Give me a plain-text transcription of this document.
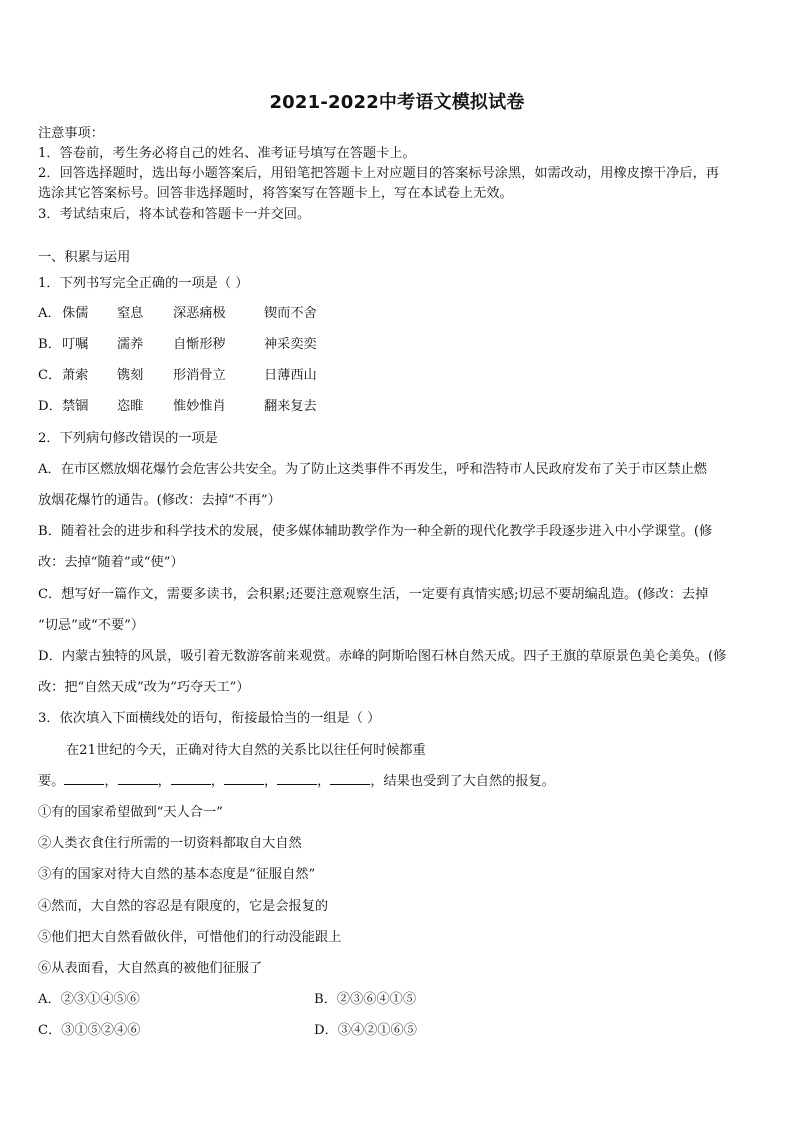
2021-2022中考语文模拟试卷
注意事项：
1．答卷前，考生务必将自己的姓名、准考证号填写在答题卡上。
2．回答选择题时，选出每小题答案后，用铅笔把答题卡上对应题目的答案标号涂黑，如需改动，用橡皮擦干净后，再
选涂其它答案标号。回答非选择题时，将答案写在答题卡上，写在本试卷上无效。
3．考试结束后，将本试卷和答题卡一并交回。
一、积累与运用
1．下列书写完全正确的一项是（ ）
A． 侏儒 窒息 深恶痛极	锲而不舍
B． 叮嘱 濡养 自惭形秽	神采奕奕
C． 萧索 镌刻 形消骨立	日薄西山
D． 禁锢 恣睢 惟妙惟肖	翻来复去
2．下列病句修改错误的一项是
A．在市区燃放烟花爆竹会危害公共安全。为了防止这类事件不再发生，呼和浩特市人民政府发布了关于市区禁止燃
放烟花爆竹的通告。(修改：去掉“不再”）
B．随着社会的进步和科学技术的发展，使多媒体辅助教学作为一种全新的现代化教学手段逐步进入中小学课堂。(修
改：去掉“随着”或“使”）
C．想写好一篇作文，需要多读书，会积累;还要注意观察生活，一定要有真情实感;切忌不要胡编乱造。(修改：去掉
“切忌”或“不要”）
D．内蒙古独特的风景，吸引着无数游客前来观赏。赤峰的阿斯哈图石林自然天成。四子王旗的草原景色美仑美奂。(修
改：把“自然天成”改为“巧夺天工”）
3．依次填入下面横线处的语句，衔接最恰当的一组是（ ）
在21世纪的今天，正确对待大自然的关系比以往任何时候都重
要。	，	，	，	，	，	，结果也受到了大自然的报复。
①有的国家希望做到“天人合一”
②人类衣食住行所需的一切资料都取自大自然
③有的国家对待大自然的基本态度是“征服自然”
④然而，大自然的容忍是有限度的，它是会报复的
⑤他们把大自然看做伙伴，可惜他们的行动没能跟上
⑥从表面看，大自然真的被他们征服了
A．②③①④⑤⑥	B．②③⑥④①⑤
C．③①⑤②④⑥	D．③④②①⑥⑤
